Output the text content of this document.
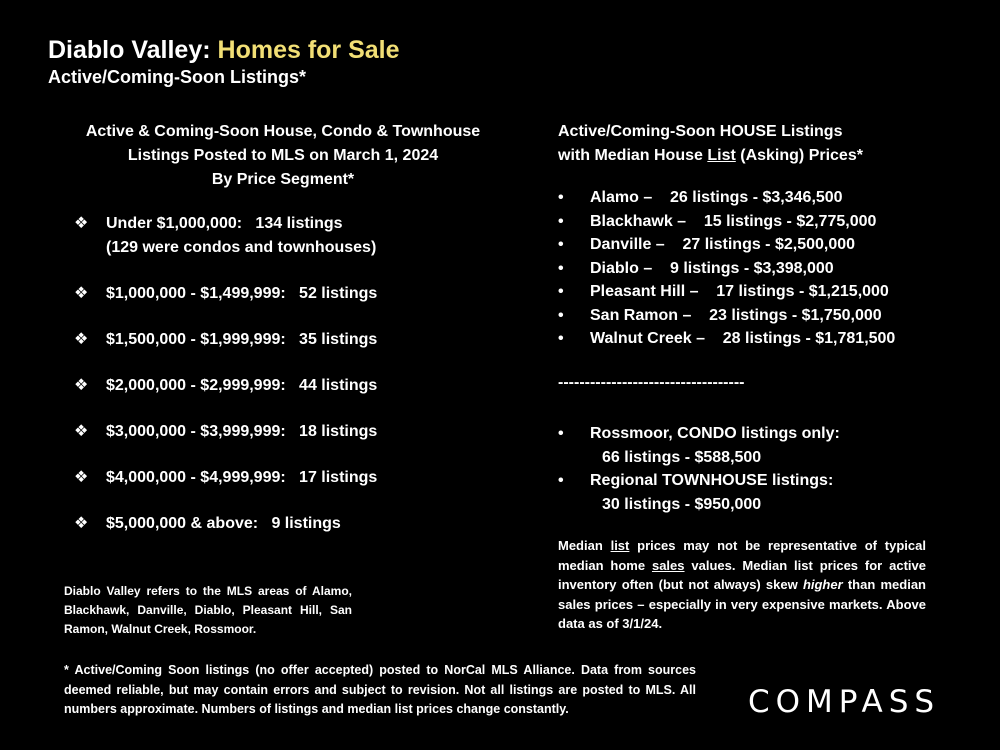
Diablo Valley: Homes for Sale
Active/Coming-Soon Listings*
Active & Coming-Soon House, Condo & Townhouse
Listings Posted to MLS on March 1, 2024
By Price Segment*
❖ Under $1,000,000: 134 listings
(129 were condos and townhouses)
❖ $1,000,000 - $1,499,999: 52 listings
❖ $1,500,000 - $1,999,999: 35 listings
❖ $2,000,000 - $2,999,999: 44 listings
❖ $3,000,000 - $3,999,999: 18 listings
❖ $4,000,000 - $4,999,999: 17 listings
❖ $5,000,000 & above: 9 listings
Diablo Valley refers to the MLS areas of Alamo, Blackhawk, Danville, Diablo, Pleasant Hill, San Ramon, Walnut Creek, Rossmoor.
Active/Coming-Soon HOUSE Listings
with Median House List (Asking) Prices*
• Alamo – 26 listings - $3,346,500
• Blackhawk – 15 listings - $2,775,000
• Danville – 27 listings - $2,500,000
• Diablo – 9 listings - $3,398,000
• Pleasant Hill – 17 listings - $1,215,000
• San Ramon – 23 listings - $1,750,000
• Walnut Creek – 28 listings - $1,781,500
-----------------------------------
• Rossmoor, CONDO listings only:
66 listings - $588,500
• Regional TOWNHOUSE listings:
30 listings - $950,000
Median list prices may not be representative of typical median home sales values. Median list prices for active inventory often (but not always) skew higher than median sales prices – especially in very expensive markets. Above data as of 3/1/24.
* Active/Coming Soon listings (no offer accepted) posted to NorCal MLS Alliance. Data from sources deemed reliable, but may contain errors and subject to revision. Not all listings are posted to MLS. All numbers approximate. Numbers of listings and median list prices change constantly.	COMPASS
